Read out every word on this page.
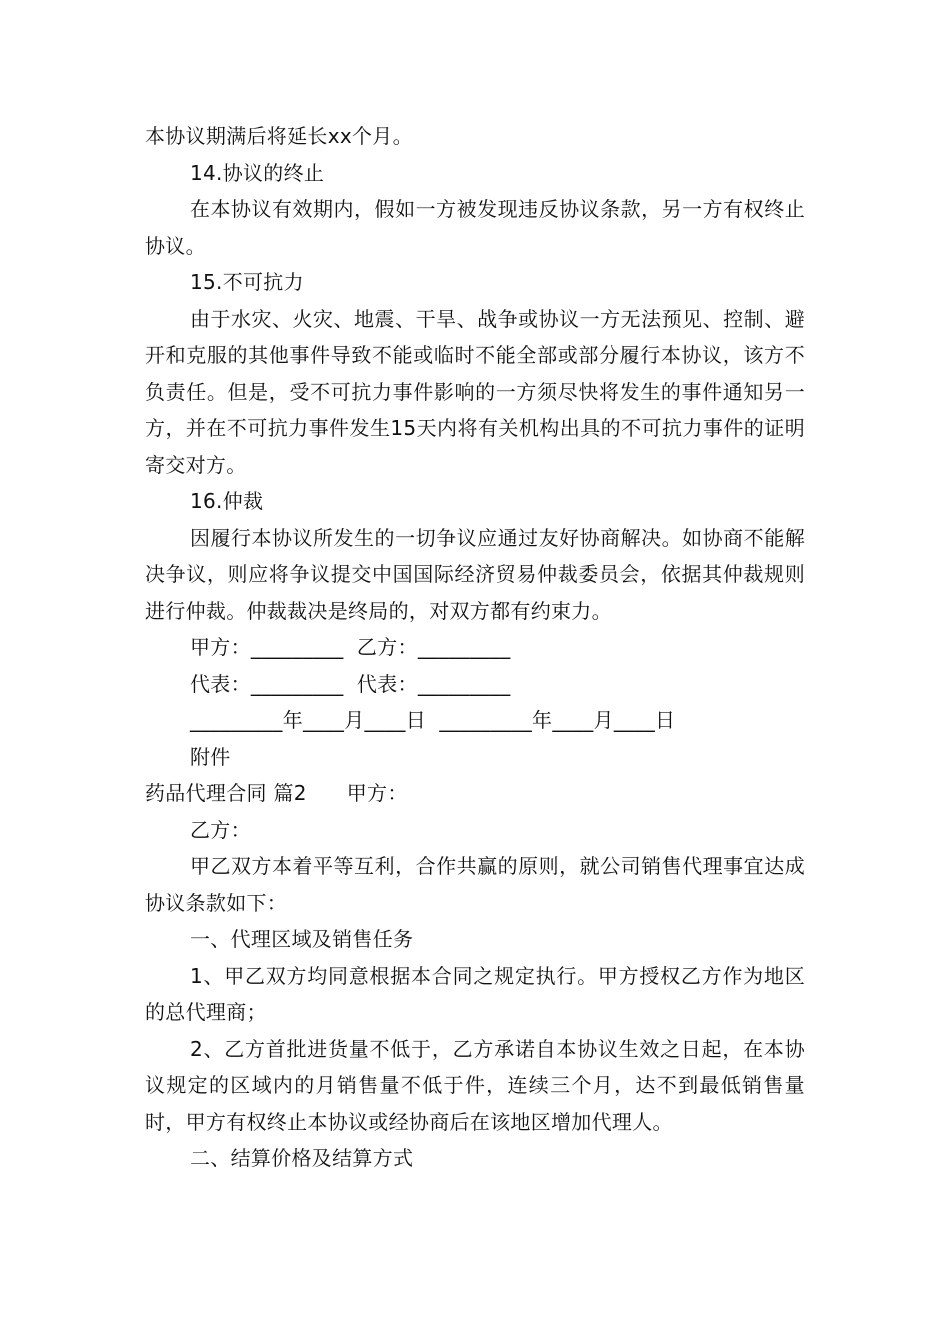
本协议期满后将延长xx个月。

14.协议的终止

在本协议有效期内，假如一方被发现违反协议条款，另一方有权终止协议。

15.不可抗力

由于水灾、火灾、地震、干旱、战争或协议一方无法预见、控制、避开和克服的其他事件导致不能或临时不能全部或部分履行本协议，该方不负责任。但是，受不可抗力事件影响的一方须尽快将发生的事件通知另一方，并在不可抗力事件发生15天内将有关机构出具的不可抗力事件的证明寄交对方。

16.仲裁

因履行本协议所发生的一切争议应通过友好协商解决。如协商不能解决争议，则应将争议提交中国国际经济贸易仲裁委员会，依据其仲裁规则进行仲裁。仲裁裁决是终局的，对双方都有约束力。

甲方：_________  乙方：_________

代表：_________  代表：_________

_________年____月____日  _________年____月____日

附件

药品代理合同 篇2      甲方：

乙方：

甲乙双方本着平等互利，合作共赢的原则，就公司销售代理事宜达成协议条款如下：

一、代理区域及销售任务

1、甲乙双方均同意根据本合同之规定执行。甲方授权乙方作为地区的总代理商；

2、乙方首批进货量不低于，乙方承诺自本协议生效之日起，在本协议规定的区域内的月销售量不低于件，连续三个月，达不到最低销售量时，甲方有权终止本协议或经协商后在该地区增加代理人。

二、结算价格及结算方式
